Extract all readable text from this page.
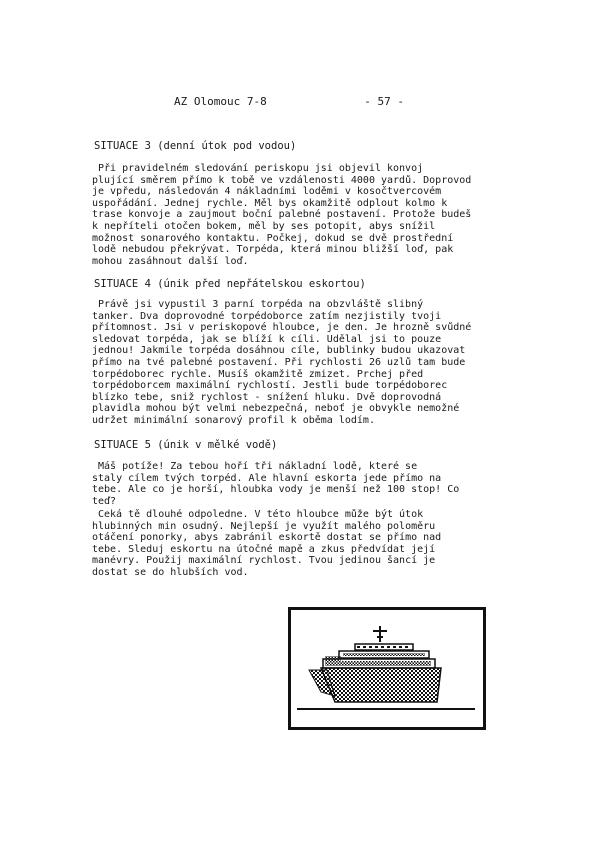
AZ Olomouc 7-8	- 57 -
SITUACE 3 (denní útok pod vodou)
Při pravidelném sledování periskopu jsi objevil konvoj
plující směrem přímo k tobě ve vzdálenosti 4000 yardů. Doprovod
je vpředu, následován 4 nákladními loděmi v kosočtvercovém
uspořádání. Jednej rychle. Měl bys okamžitě odplout kolmo k
trase konvoje a zaujmout boční palebné postavení. Protože budeš
k nepříteli otočen bokem, měl by ses potopit, abys snížil
možnost sonarového kontaktu. Počkej, dokud se dvě prostřední
lodě nebudou překrývat. Torpéda, která minou bližší loď, pak
mohou zasáhnout další loď.
SITUACE 4 (únik před nepřátelskou eskortou)
Právě jsi vypustil 3 parní torpéda na obzvláště slibný
tanker. Dva doprovodné torpédoborce zatím nezjistily tvoji
přítomnost. Jsi v periskopové hloubce, je den. Je hrozně svůdné
sledovat torpéda, jak se blíží k cíli. Udělal jsi to pouze
jednou! Jakmile torpéda dosáhnou cíle, bublinky budou ukazovat
přímo na tvé palebné postavení. Při rychlosti 26 uzlů tam bude
torpédoborec rychle. Musíš okamžitě zmizet. Prchej před
torpédoborcem maximální rychlostí. Jestli bude torpédoborec
blízko tebe, sniž rychlost - snížení hluku. Dvě doprovodná
plavidla mohou být velmi nebezpečná, neboť je obvykle nemožné
udržet minimální sonarový profil k oběma lodím.
SITUACE 5 (únik v mělké vodě)
Máš potíže! Za tebou hoří tři nákladní lodě, které se
staly cílem tvých torpéd. Ale hlavní eskorta jede přímo na
tebe. Ale co je horší, hloubka vody je menší než 100 stop! Co
teď?
Čeká tě dlouhé odpoledne. V této hloubce může být útok
hlubinných min osudný. Nejlepší je využít malého poloměru
otáčení ponorky, abys zabránil eskortě dostat se přímo nad
tebe. Sleduj eskortu na útočné mapě a zkus předvídat její
manévry. Použij maximální rychlost. Tvou jedinou šancí je
dostat se do hlubších vod.
